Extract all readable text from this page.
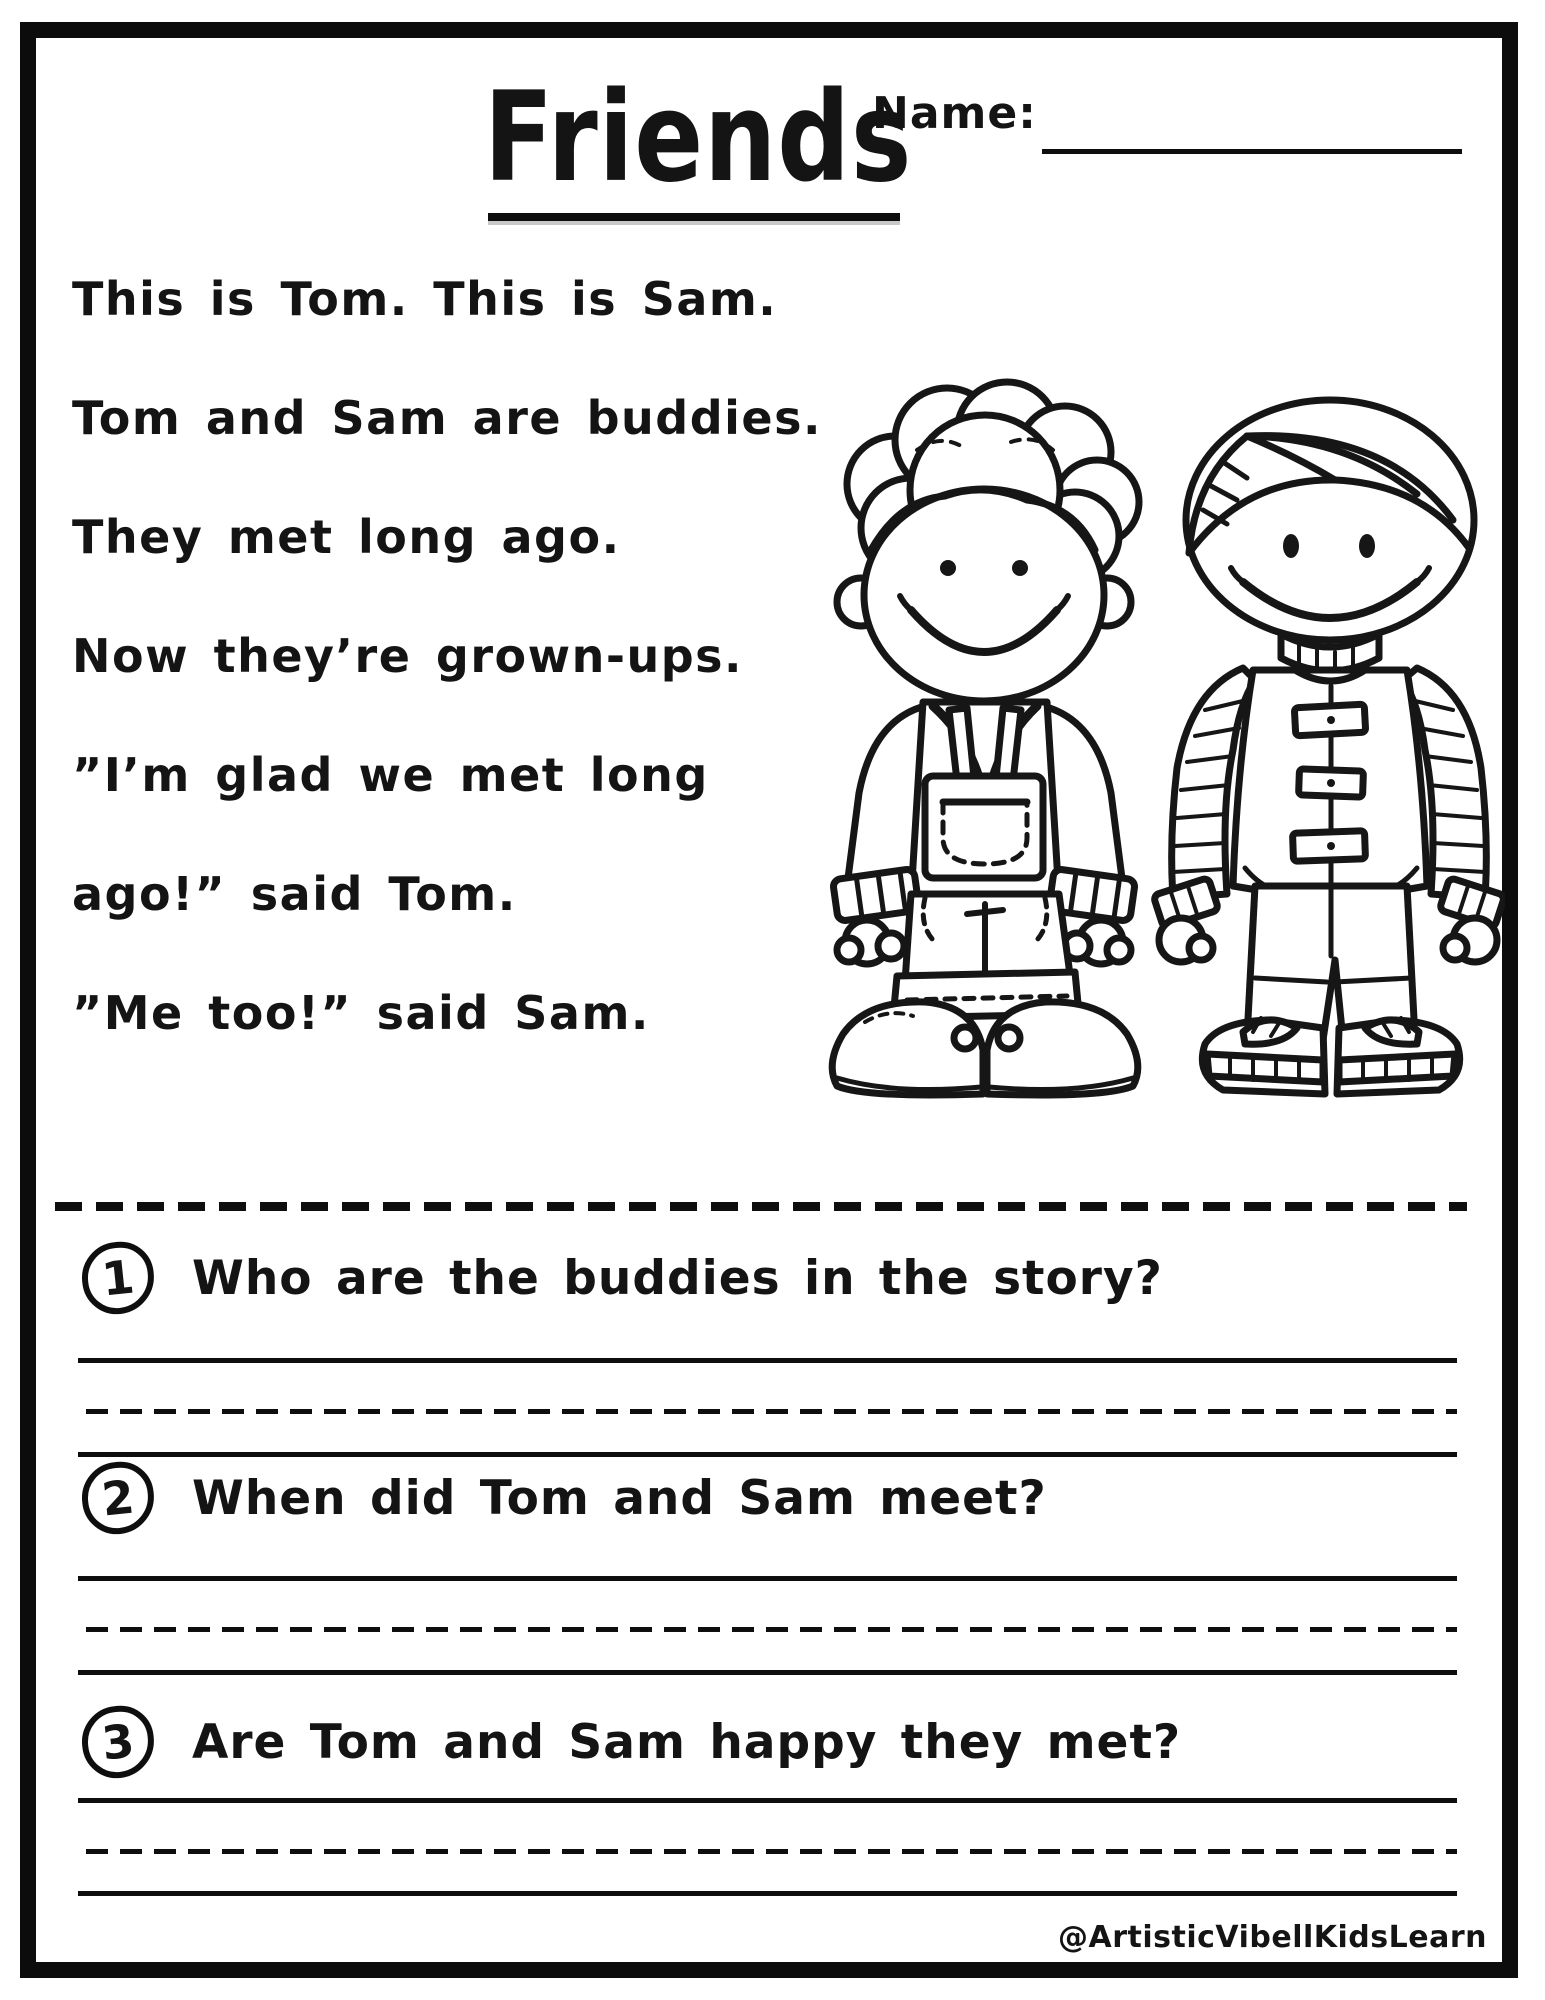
Friends
Name:
This is Tom. This is Sam.
Tom and Sam are buddies.
They met long ago.
Now they’re grown-ups.
”I’m glad we met long
ago!” said Tom.
”Me too!” said Sam.
1	Who are the buddies in the story?
2	When did Tom and Sam meet?
3	Are Tom and Sam happy they met?
@ArtisticVibellKidsLearn
